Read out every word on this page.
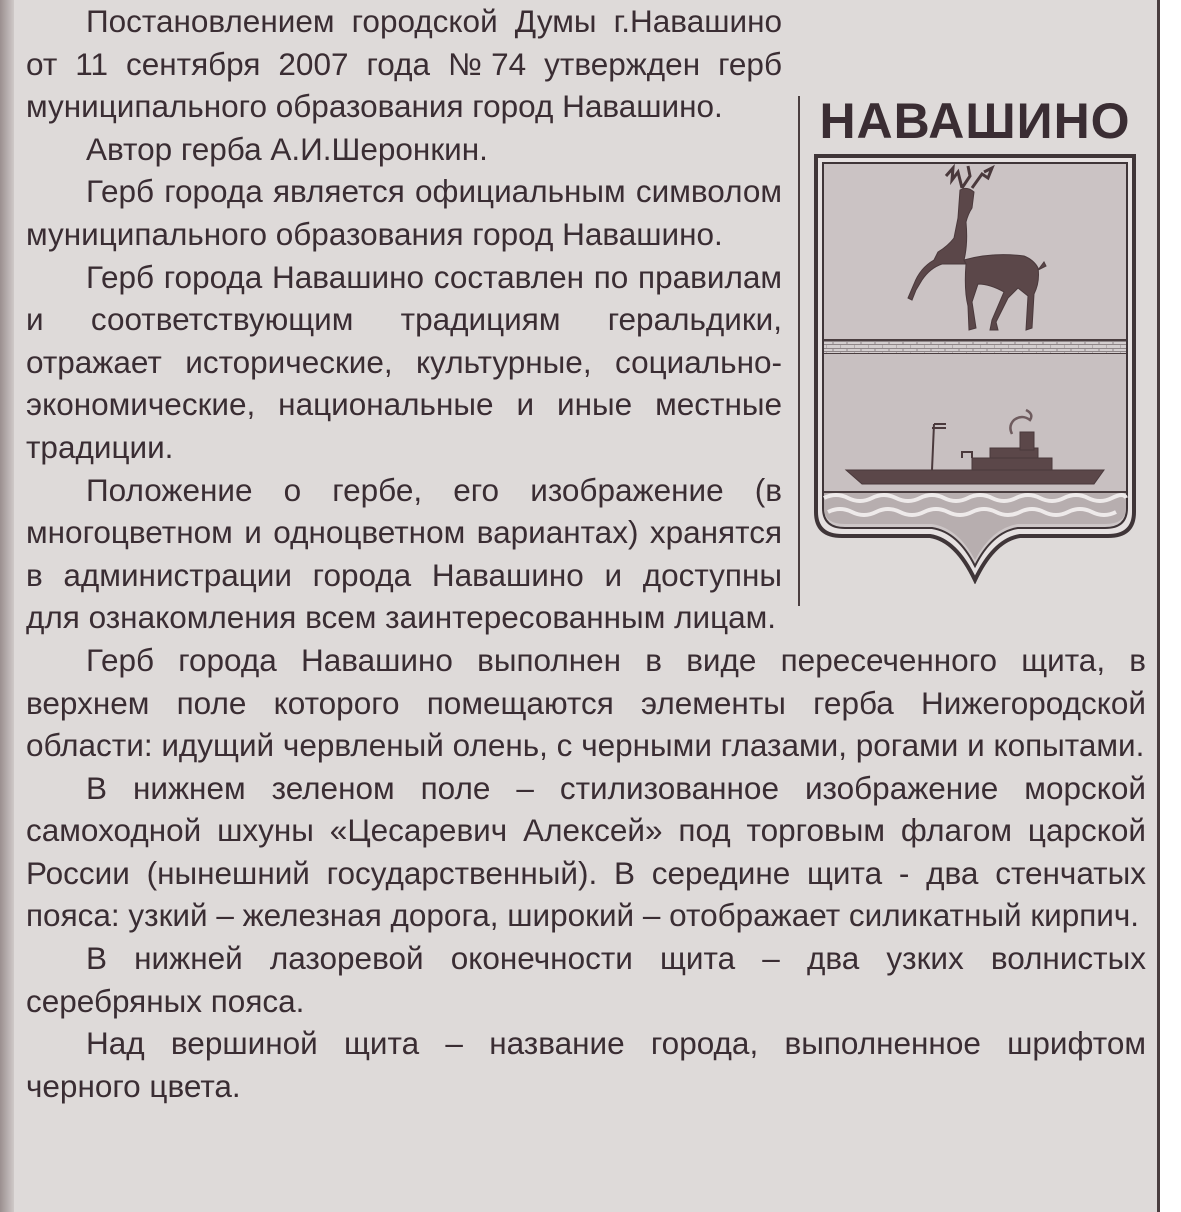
НАВАШИНО

Постановлением городской Думы г.Навашино от 11 сентября 2007 года №74 утвержден герб муниципального образования город Навашино.

Автор герба А.И.Шеронкин.

Герб города является официальным символом муниципального образования город Навашино.

Герб города Навашино составлен по правилам и соответствующим традициям геральдики, отражает исторические, культурные, социально-экономические, национальные и иные местные традиции.

Положение о гербе, его изображение (в многоцветном и одноцветном вариантах) хранятся в администрации города Навашино и доступны для ознакомления всем заинтересованным лицам.

Герб города Навашино выполнен в виде пересеченного щита, в верхнем поле которого помещаются элементы герба Нижегородской области: идущий червленый олень, с черными глазами, рогами и копытами.

В нижнем зеленом поле – стилизованное изображение морской самоходной шхуны «Цесаревич Алексей» под торговым флагом царской России (нынешний государственный). В середине щита - два стенчатых пояса: узкий – железная дорога, широкий – отображает силикатный кирпич.

В нижней лазоревой оконечности щита – два узких волнистых серебряных пояса.

Над вершиной щита – название города, выполненное шрифтом черного цвета.
